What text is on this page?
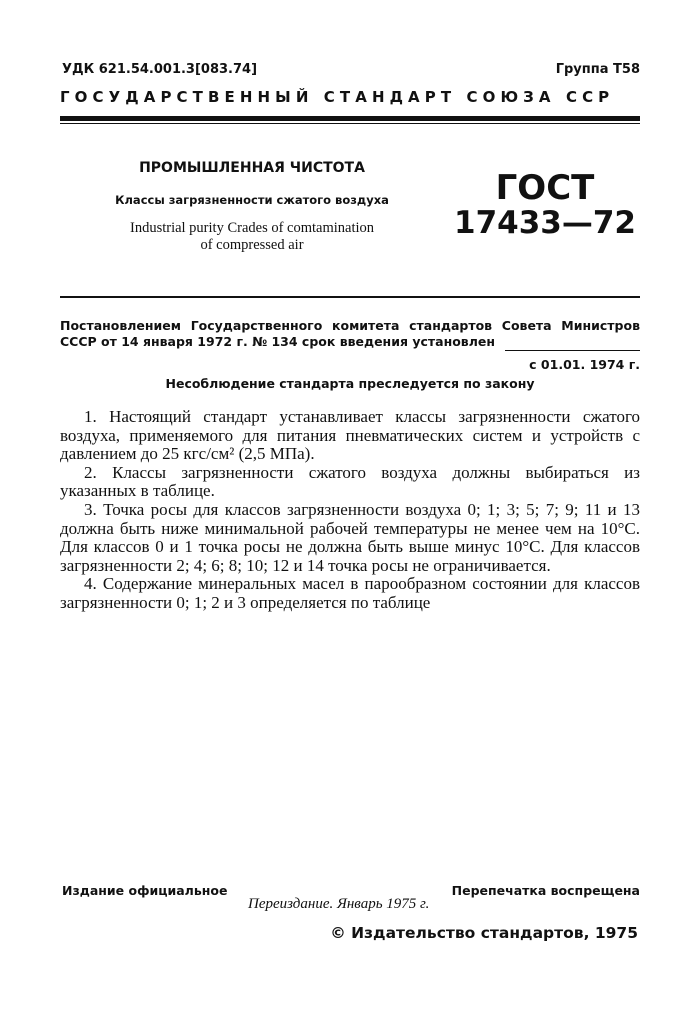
УДК 621.54.001.3[083.74]	Группа Т58
ГОСУДАРСТВЕННЫЙ СТАНДАРТ СОЮЗА ССР
ПРОМЫШЛЕННАЯ ЧИСТОТА
Классы загрязненности сжатого воздуха
Industrial purity Crades of comtamination
of compressed air
ГОСТ
17433—72
Постановлением Государственного комитета стандартов Совета Министров
СССР от 14 января 1972 г. № 134 срок введения установлен
с 01.01. 1974 г.
Несоблюдение стандарта преследуется по закону

1. Настоящий стандарт устанавливает классы загрязненности сжатого воздуха, применяемого для питания пневматических систем и устройств с давлением до 25 кгс/см² (2,5 МПа).

2. Классы загрязненности сжатого воздуха должны выбираться из указанных в таблице.

3. Точка росы для классов загрязненности воздуха 0; 1; 3; 5; 7; 9; 11 и 13 должна быть ниже минимальной рабочей температуры не менее чем на 10°С. Для классов 0 и 1 точка росы не должна быть выше минус 10°С. Для классов загрязненности 2; 4; 6; 8; 10; 12 и 14 точка росы не ограничивается.

4. Содержание минеральных масел в парообразном состоянии для классов загрязненности 0; 1; 2 и 3 определяется по таблице

Издание официальное	Перепечатка воспрещена
Переиздание. Январь 1975 г.
© Издательство стандартов, 1975
